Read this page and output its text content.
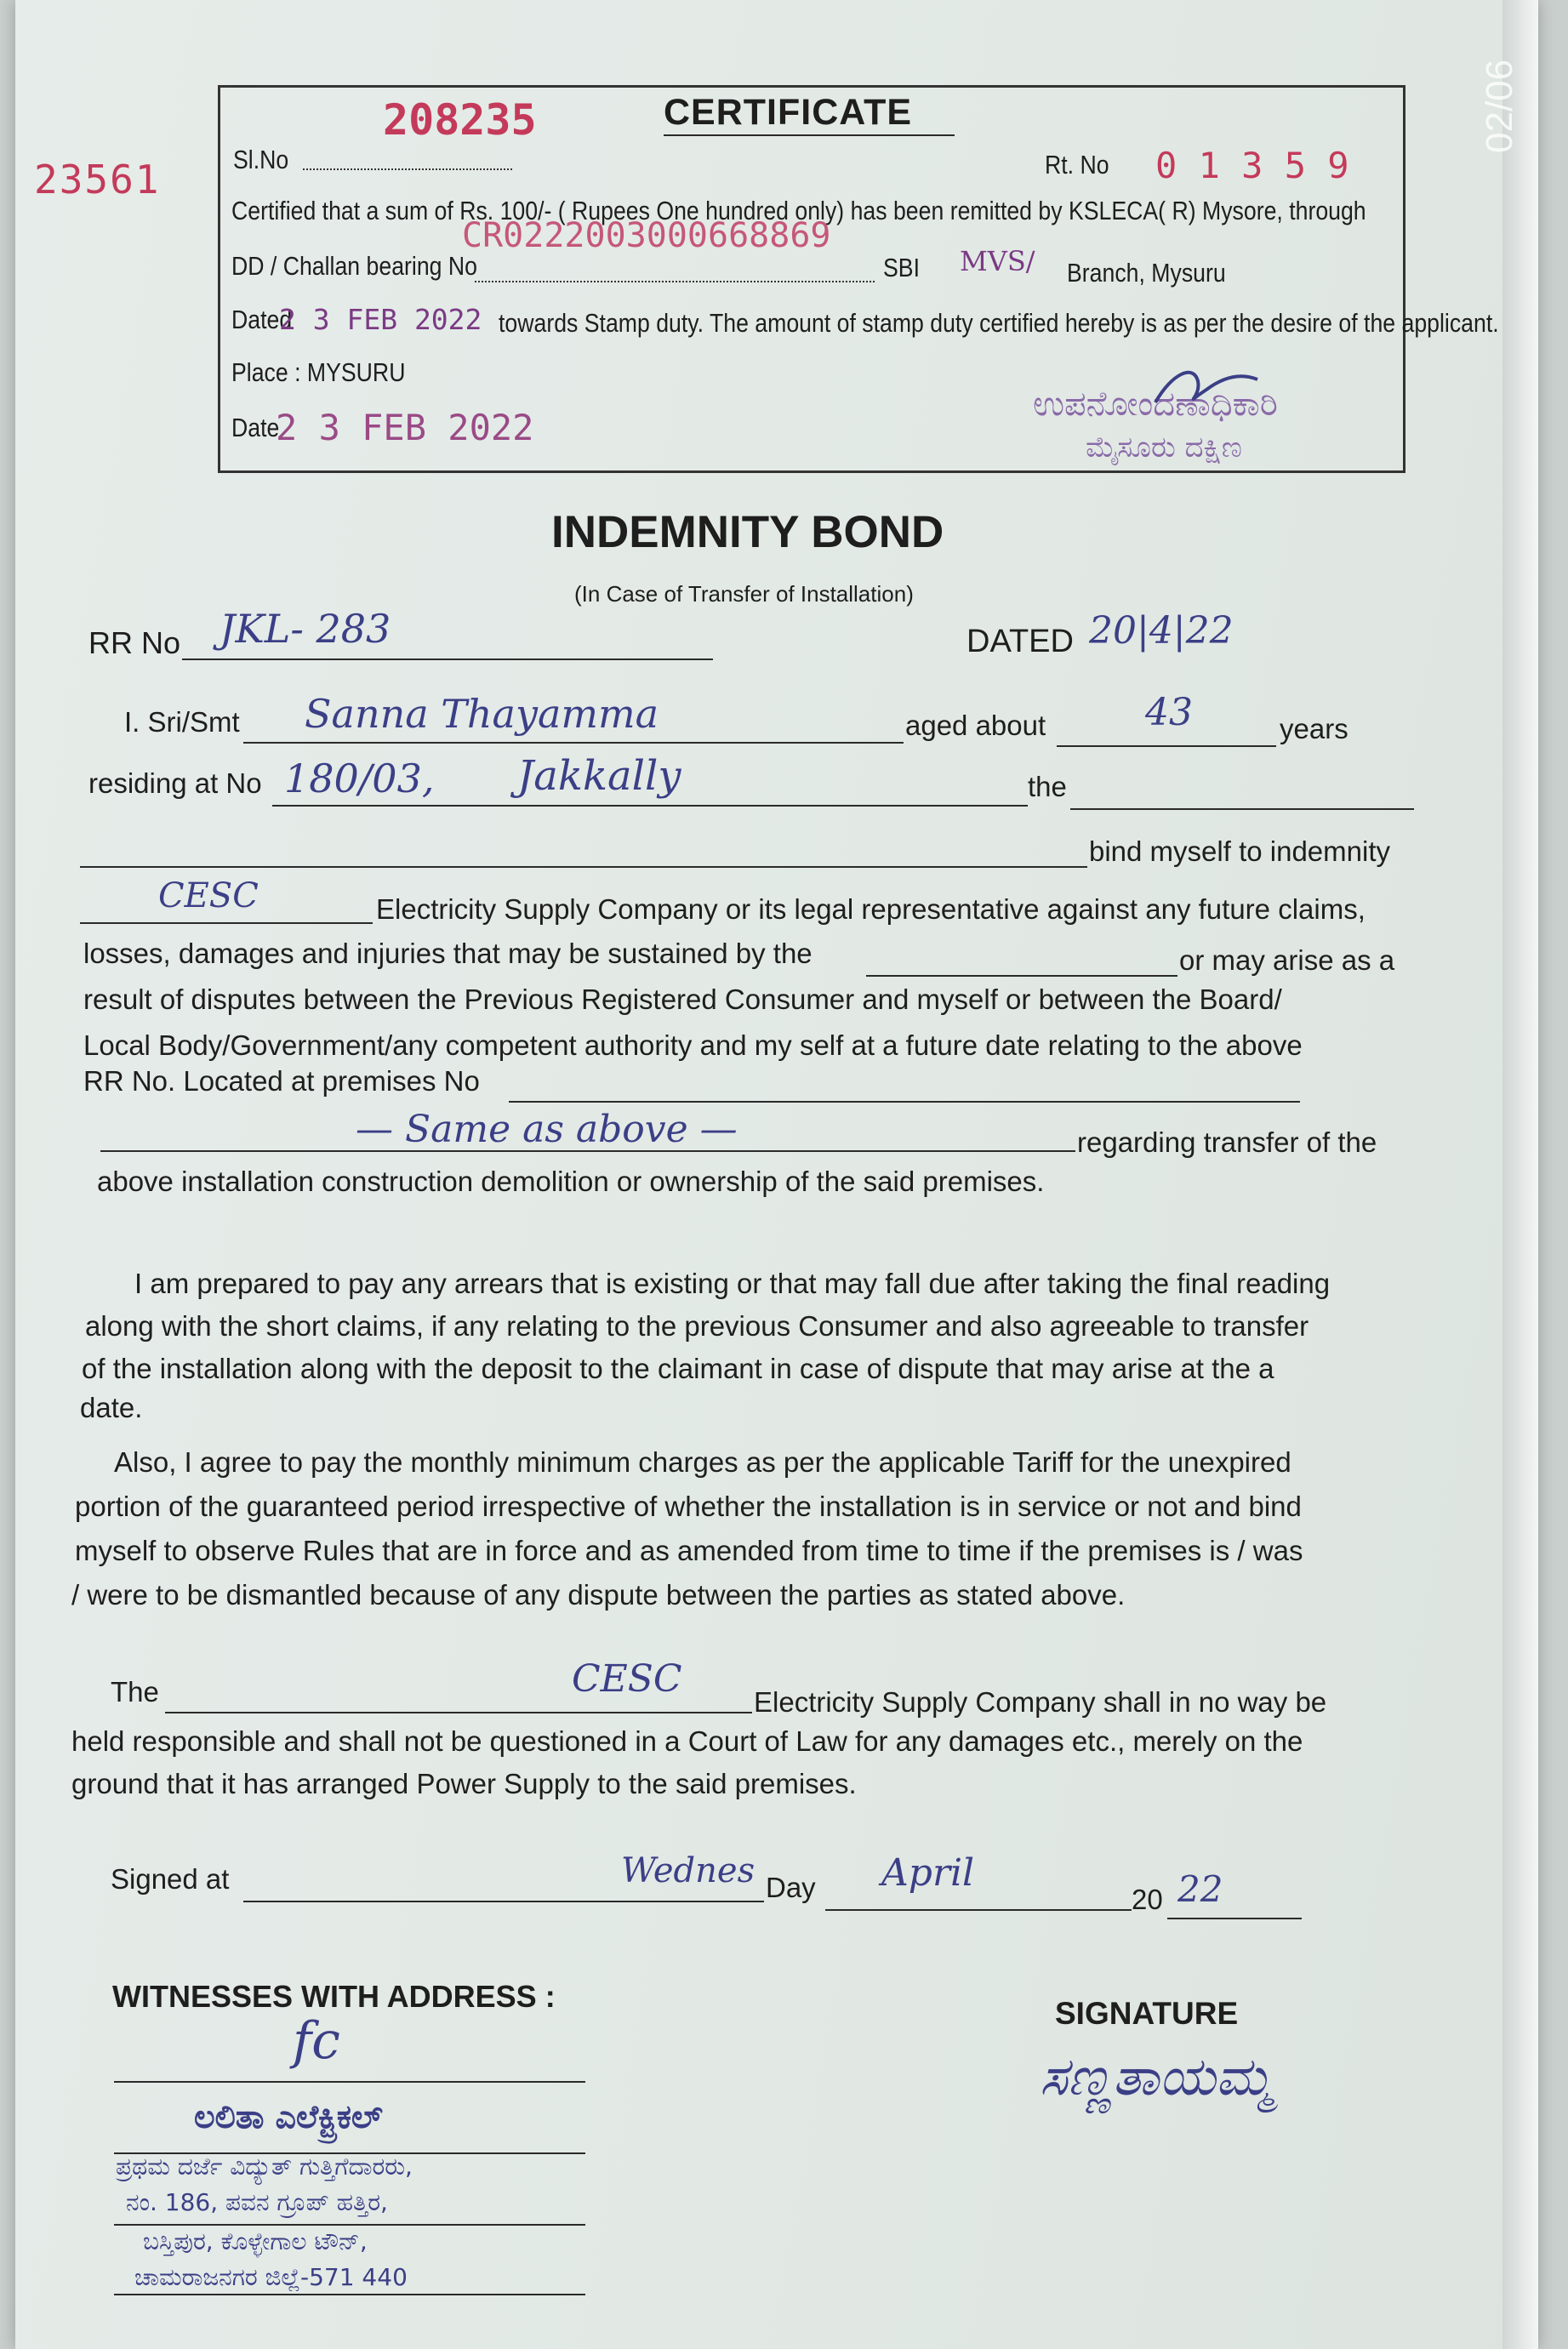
23561
02/06
CERTIFICATE
208235
Sl.No	Rt. No 0 1 3 5 9
Certified that a sum of Rs. 100/- ( Rupees One hundred only) has been remitted by KSLECA( R) Mysore, through
DD / Challan bearing No
CR0222003000668869
SBI MVS/ Branch, Mysuru
Dated
2 3 FEB 2022 towards Stamp duty. The amount of stamp duty certified hereby is as per the desire of the applicant.
Place : MYSURU
Date
2 3 FEB 2022
ಉಪನೋಂದಣಾಧಿಕಾರಿ
ಮೈಸೂರು ದಕ್ಷಿಣ
INDEMNITY BOND
(In Case of Transfer of Installation)
RR No JKL- 283	DATED 20|4|22
I. Sri/Smt Sanna Thayamma	aged about	43	years
residing at No 180/03, Jakkally	the
bind myself to indemnity
CESC	Electricity Supply Company or its legal representative against any future claims,
losses, damages and injuries that may be sustained by the	or may arise as a
result of disputes between the Previous Registered Consumer and myself or between the Board/
Local Body/Government/any competent authority and my self at a future date relating to the above
RR No. Located at premises No
— Same as above —	regarding transfer of the
above installation construction demolition or ownership of the said premises.
I am prepared to pay any arrears that is existing or that may fall due after taking the final reading
along with the short claims, if any relating to the previous Consumer and also agreeable to transfer
of the installation along with the deposit to the claimant in case of dispute that may arise at the a
date.
Also, I agree to pay the monthly minimum charges as per the applicable Tariff for the unexpired
portion of the guaranteed period irrespective of whether the installation is in service or not and bind
myself to observe Rules that are in force and as amended from time to time if the premises is / was
/ were to be dismantled because of any dispute between the parties as stated above.
The	CESC
Electricity Supply Company shall in no way be
held responsible and shall not be questioned in a Court of Law for any damages etc., merely on the
ground that it has arranged Power Supply to the said premises.
Signed at	Wednes Day April
20 22
WITNESSES WITH ADDRESS :	SIGNATURE
fc
ಲಲಿತಾ ಎಲೆಕ್ಟ್ರಿಕಲ್
ಪ್ರಥಮ ದರ್ಜೆ ವಿದ್ಯುತ್ ಗುತ್ತಿಗೆದಾರರು,
ನಂ. 186, ಪವನ ಗ್ರೂಪ್ ಹತ್ತಿರ,
ಬಸ್ತಿಪುರ, ಕೊಳ್ಳೇಗಾಲ ಟೌನ್,
ಚಾಮರಾಜನಗರ ಜಿಲ್ಲೆ-571 440
ಸಣ್ಣತಾಯಮ್ಮ
